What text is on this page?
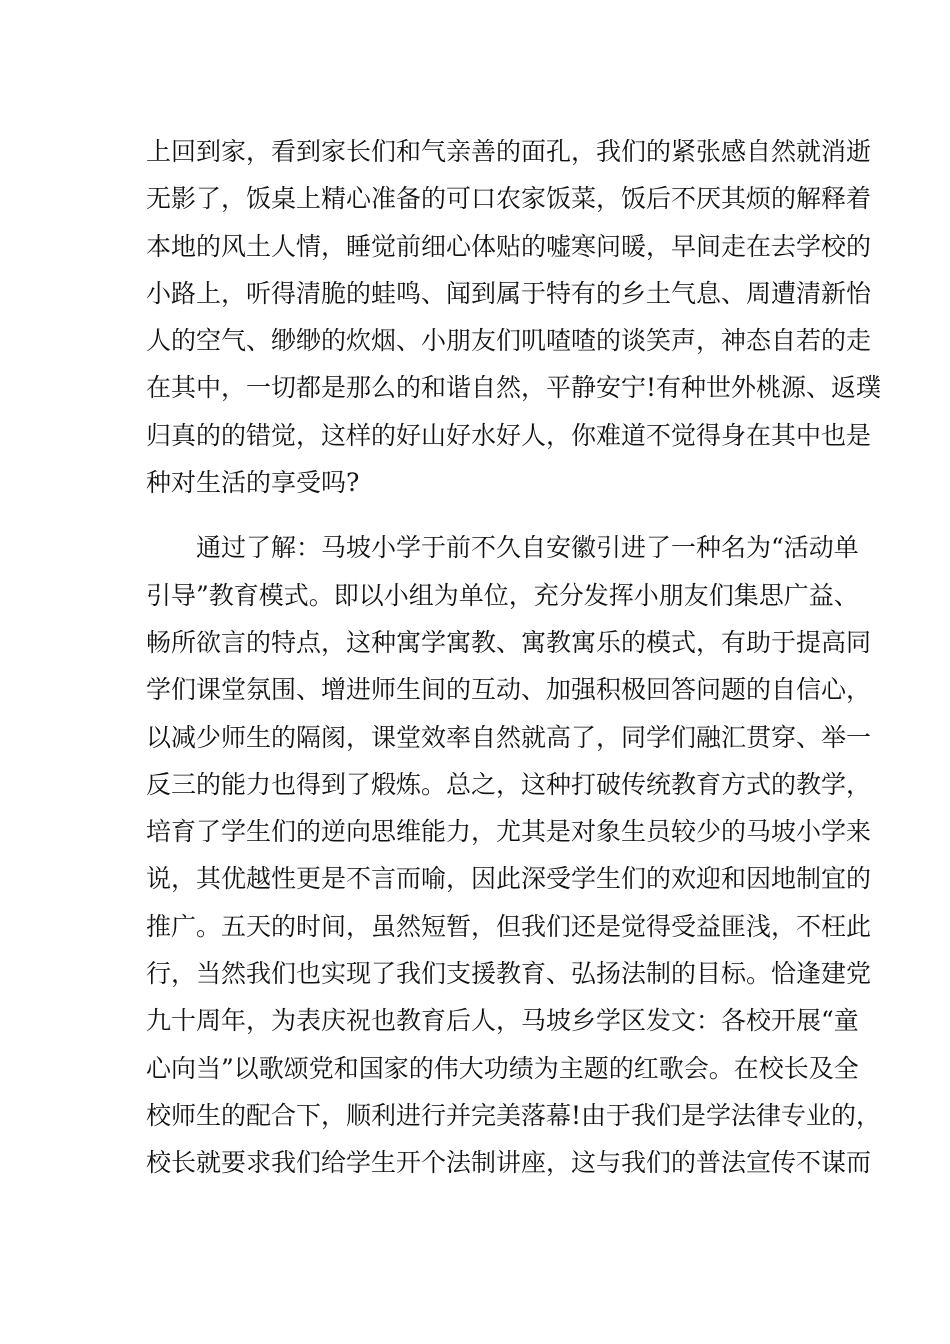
上回到家，看到家长们和气亲善的面孔，我们的紧张感自然就消逝
无影了，饭桌上精心准备的可口农家饭菜，饭后不厌其烦的解释着
本地的风土人情，睡觉前细心体贴的嘘寒问暖，早间走在去学校的
小路上，听得清脆的蛙鸣、闻到属于特有的乡土气息、周遭清新怡
人的空气、缈缈的炊烟、小朋友们叽喳喳的谈笑声，神态自若的走
在其中，一切都是那么的和谐自然，平静安宁!有种世外桃源、返璞
归真的的错觉，这样的好山好水好人，你难道不觉得身在其中也是
种对生活的享受吗?
　　通过了解：马坡小学于前不久自安徽引进了一种名为“活动单
引导”教育模式。即以小组为单位，充分发挥小朋友们集思广益、
畅所欲言的特点，这种寓学寓教、寓教寓乐的模式，有助于提高同
学们课堂氛围、增进师生间的互动、加强积极回答问题的自信心，
以减少师生的隔阂，课堂效率自然就高了，同学们融汇贯穿、举一
反三的能力也得到了煅炼。总之，这种打破传统教育方式的教学，
培育了学生们的逆向思维能力，尤其是对象生员较少的马坡小学来
说，其优越性更是不言而喻，因此深受学生们的欢迎和因地制宜的
推广。五天的时间，虽然短暂，但我们还是觉得受益匪浅，不枉此
行，当然我们也实现了我们支援教育、弘扬法制的目标。恰逢建党
九十周年，为表庆祝也教育后人，马坡乡学区发文：各校开展“童
心向当”以歌颂党和国家的伟大功绩为主题的红歌会。在校长及全
校师生的配合下，顺利进行并完美落幕!由于我们是学法律专业的，
校长就要求我们给学生开个法制讲座，这与我们的普法宣传不谋而
